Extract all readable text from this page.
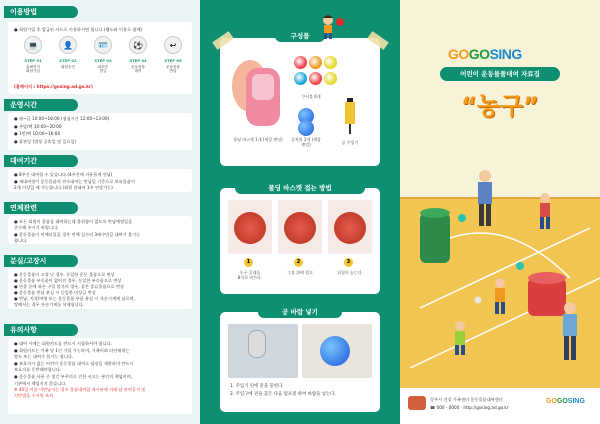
이용방법
● 회원가입 후 발급된 카드로 이용하시면 됩니다.(웹도와 이용로 함께)
💻
STEP 01
홈페이지
회원가입
👤
STEP 02
회원승인
🪪
STEP 03
회원증
발급
⚽
STEP 04
운동물품
대여
↩
STEP 05
운동물품
반납
(홈페이지 : https://gosing.ad.go.kr)
운영시간
● 월~금 10:00~18:00 (점심시간 12:00~13:00)
● 주말/택 10:00~20:00
● 1번/택 10:00~16:00
● 휴관일 (법정 공휴일 및 일요일)
대여기간
● 8주간 대여할 수 있습니다.(4주간에 자유롭게 연납)
● 재대여정이 운동물품의 연속대여는 반납일 기준으로 보유물품이
2개 이상일 때 가능합니다.(회원 한태어 1주 연장가능)
연체관련
● 모든 회원이 물품을 대여하는데 불편함이 없도록 반납예정일을
준수해 주시기 바랍니다.
● 운동물품이 연체되었을 경우 연체 일수의 3배수만큼 대여가 불가능
합니다.
분실/고장시
● 운동물품이 고장 난 경우, 동일한 운동 물품으로 변상
● 운동물품 부속품이 없어진 경우, 동일한 부속품으로 변상
● 단종 등에 따른 구입 불가의 경우, 같은 종류물품으로 변상
● 운동물품 반납 분실 시 동일한 비상금 변상
● 반납, 지적/여명 또는 운동물품 부품 분실 시 자손기계에 남으며,
탕해서는 경우 자손기계를 삭제합니다.
유의사항
● 대여 시에는 회원카드를 반드시 지참하셔야 합니다.
● 회원카드는 가족 당 1인 가입 가능하며, 가족이외 타인에게는
양도 또는 대여가 불가능 합니다.
● 보호자가 없는 어린이 운동물품 대여소 임장을 제한하며 반드시
보호자를 동반해야합니다.
● 운동물품 사용 중 생긴 부주의로 인한 사고는 본인의 책임이며,
기관에서 책임지지 않습니다.
※ 40일 이상 미반납자는 경우 물품대여업 게시판에 거래 납 관련공지 및
지반법을 수거처 조치
구성품
폴딩 바스켓 1개 (색상 랜덤)
쿠시볼 6개
공차볼 2개 (색상 랜덤)	공 주입기
폴딩 바스켓 접는 방법
1
농구 골대를
8자로 비튼다.
2
그물 위에 접고
3
뒤집어 놓는다.
공 바람 넣기
1. 주입기 핀에 물을 묻힌다.
2. 주입구에 핀을 꽂은 다음 펌프질 하여 바람을 넣는다.
GOGOSING
어린이 운동물품대여 자료집
“농구”
상주시 건강 가족센터 운동물품대여센터
☎ 000 - 0000 · http://gosing.ad.go.kr
GOGOSING
